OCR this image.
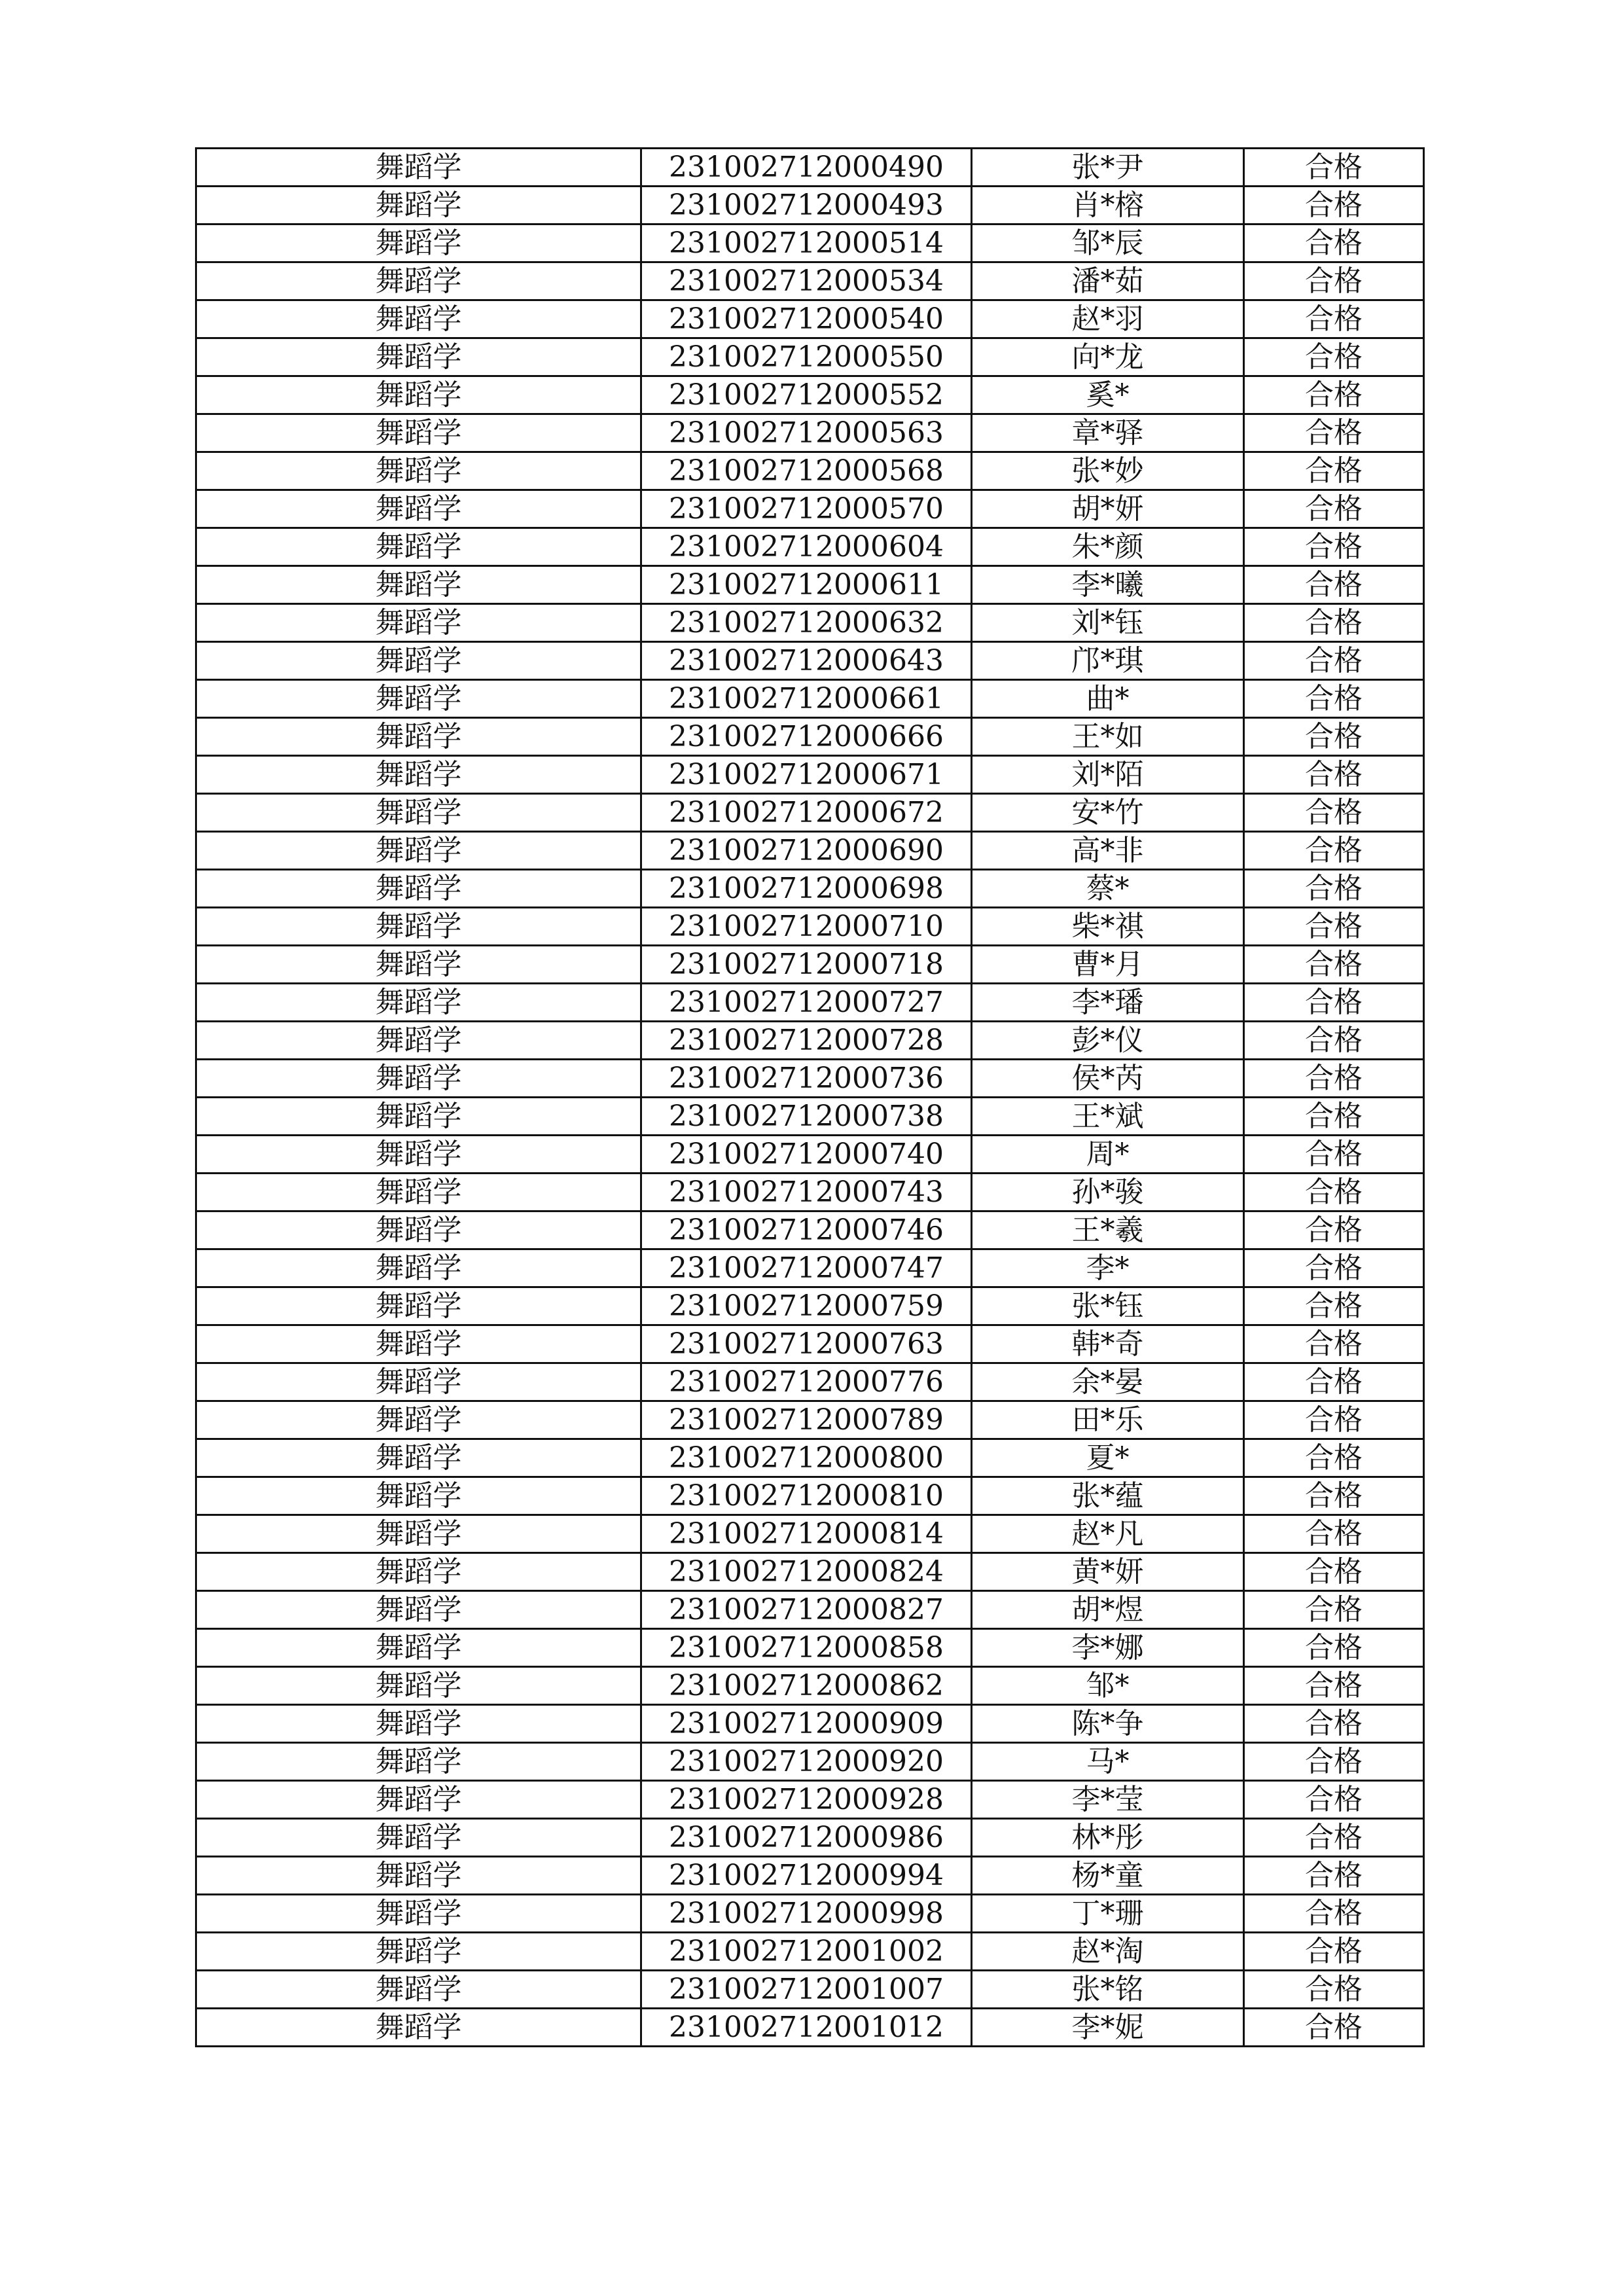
舞蹈学	231002712000490	张*尹	合格
舞蹈学	231002712000493	肖*榕	合格
舞蹈学	231002712000514	邹*辰	合格
舞蹈学	231002712000534	潘*茹	合格
舞蹈学	231002712000540	赵*羽	合格
舞蹈学	231002712000550	向*龙	合格
舞蹈学	231002712000552	奚*	合格
舞蹈学	231002712000563	章*驿	合格
舞蹈学	231002712000568	张*妙	合格
舞蹈学	231002712000570	胡*妍	合格
舞蹈学	231002712000604	朱*颜	合格
舞蹈学	231002712000611	李*曦	合格
舞蹈学	231002712000632	刘*钰	合格
舞蹈学	231002712000643	邝*琪	合格
舞蹈学	231002712000661	曲*	合格
舞蹈学	231002712000666	王*如	合格
舞蹈学	231002712000671	刘*陌	合格
舞蹈学	231002712000672	安*竹	合格
舞蹈学	231002712000690	高*非	合格
舞蹈学	231002712000698	蔡*	合格
舞蹈学	231002712000710	柴*祺	合格
舞蹈学	231002712000718	曹*月	合格
舞蹈学	231002712000727	李*璠	合格
舞蹈学	231002712000728	彭*仪	合格
舞蹈学	231002712000736	侯*芮	合格
舞蹈学	231002712000738	王*斌	合格
舞蹈学	231002712000740	周*	合格
舞蹈学	231002712000743	孙*骏	合格
舞蹈学	231002712000746	王*羲	合格
舞蹈学	231002712000747	李*	合格
舞蹈学	231002712000759	张*钰	合格
舞蹈学	231002712000763	韩*奇	合格
舞蹈学	231002712000776	余*晏	合格
舞蹈学	231002712000789	田*乐	合格
舞蹈学	231002712000800	夏*	合格
舞蹈学	231002712000810	张*蕴	合格
舞蹈学	231002712000814	赵*凡	合格
舞蹈学	231002712000824	黄*妍	合格
舞蹈学	231002712000827	胡*煜	合格
舞蹈学	231002712000858	李*娜	合格
舞蹈学	231002712000862	邹*	合格
舞蹈学	231002712000909	陈*争	合格
舞蹈学	231002712000920	马*	合格
舞蹈学	231002712000928	李*莹	合格
舞蹈学	231002712000986	林*彤	合格
舞蹈学	231002712000994	杨*童	合格
舞蹈学	231002712000998	丁*珊	合格
舞蹈学	231002712001002	赵*淘	合格
舞蹈学	231002712001007	张*铭	合格
舞蹈学	231002712001012	李*妮	合格
